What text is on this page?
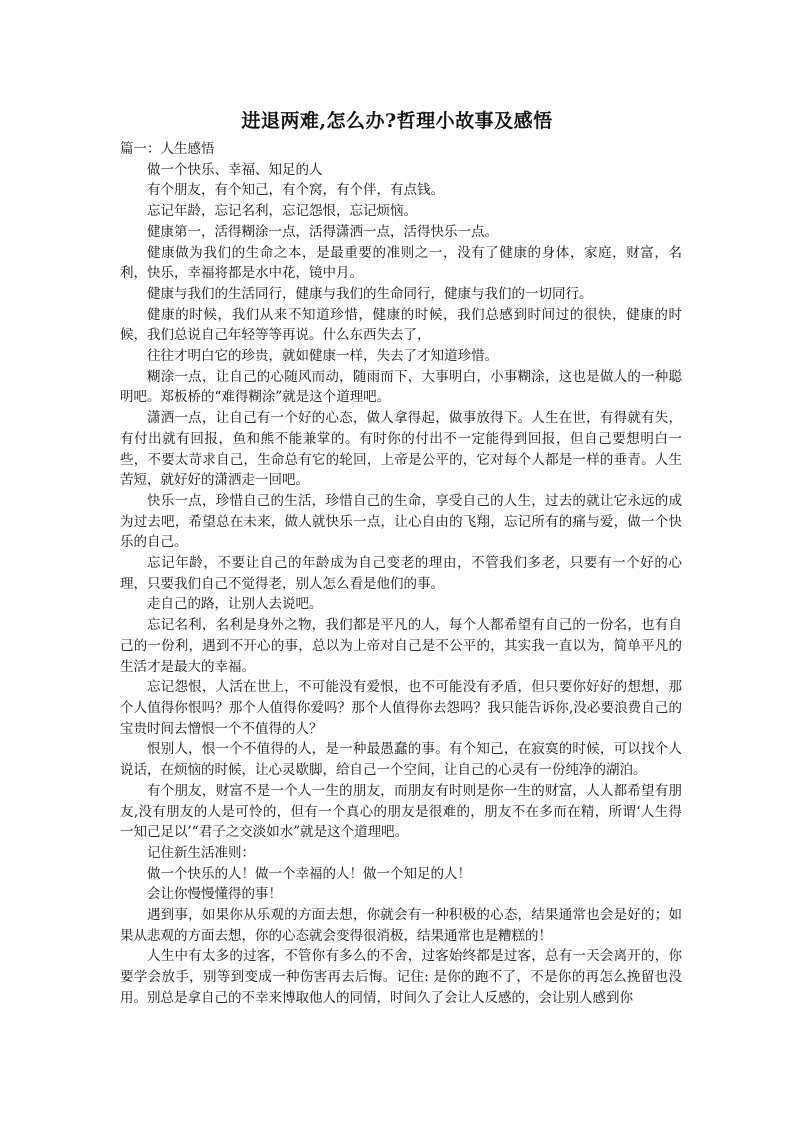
进退两难,怎么办?哲理小故事及感悟

篇一：人生感悟

做一个快乐、幸福、知足的人

有个朋友，有个知己，有个窝，有个伴，有点钱。

忘记年龄，忘记名利，忘记怨恨，忘记烦恼。

健康第一，活得糊涂一点，活得潇洒一点，活得快乐一点。

健康做为我们的生命之本，是最重要的准则之一，没有了健康的身体，家庭，财富，名利，快乐，幸福将都是水中花，镜中月。

健康与我们的生活同行，健康与我们的生命同行，健康与我们的一切同行。

健康的时候，我们从来不知道珍惜，健康的时候，我们总感到时间过的很快，健康的时候，我们总说自己年轻等等再说。什么东西失去了，

往往才明白它的珍贵，就如健康一样，失去了才知道珍惜。

糊涂一点，让自己的心随风而动，随雨而下，大事明白，小事糊涂，这也是做人的一种聪明吧。郑板桥的“难得糊涂”就是这个道理吧。

潇洒一点，让自己有一个好的心态，做人拿得起，做事放得下。人生在世，有得就有失，有付出就有回报，鱼和熊不能兼掌的。有时你的付出不一定能得到回报，但自己要想明白一些，不要太苛求自己，生命总有它的轮回，上帝是公平的，它对每个人都是一样的垂青。人生苦短，就好好的潇洒走一回吧。

快乐一点，珍惜自己的生活，珍惜自己的生命，享受自己的人生，过去的就让它永远的成为过去吧，希望总在未来，做人就快乐一点，让心自由的飞翔，忘记所有的痛与爱，做一个快乐的自己。

忘记年龄，不要让自己的年龄成为自己变老的理由，不管我们多老，只要有一个好的心理，只要我们自己不觉得老，别人怎么看是他们的事。

走自己的路，让别人去说吧。

忘记名利，名利是身外之物，我们都是平凡的人，每个人都希望有自己的一份名，也有自己的一份利，遇到不开心的事，总以为上帝对自己是不公平的，其实我一直以为，简单平凡的生活才是最大的幸福。

忘记怨恨，人活在世上，不可能没有爱恨，也不可能没有矛盾，但只要你好好的想想，那个人值得你恨吗？那个人值得你爱吗？那个人值得你去怨吗？我只能告诉你,没必要浪费自己的宝贵时间去憎恨一个不值得的人？

恨别人，恨一个不值得的人，是一种最愚蠢的事。有个知己，在寂寞的时候，可以找个人说话，在烦恼的时候，让心灵歇脚，给自己一个空间，让自己的心灵有一份纯净的湖泊。

有个朋友，财富不是一个人一生的朋友，而朋友有时则是你一生的财富，人人都希望有朋友,没有朋友的人是可怜的，但有一个真心的朋友是很难的，朋友不在多而在精，所谓‘人生得一知己足以’“君子之交淡如水”就是这个道理吧。

记住新生活准则：

做一个快乐的人！做一个幸福的人！做一个知足的人！

会让你慢慢懂得的事！

遇到事，如果你从乐观的方面去想，你就会有一种积极的心态，结果通常也会是好的；如果从悲观的方面去想，你的心态就会变得很消极，结果通常也是糟糕的！

人生中有太多的过客，不管你有多么的不舍，过客始终都是过客，总有一天会离开的，你要学会放手，别等到变成一种伤害再去后悔。记住: 是你的跑不了，不是你的再怎么挽留也没用。别总是拿自己的不幸来博取他人的同情，时间久了会让人反感的，会让别人感到你
